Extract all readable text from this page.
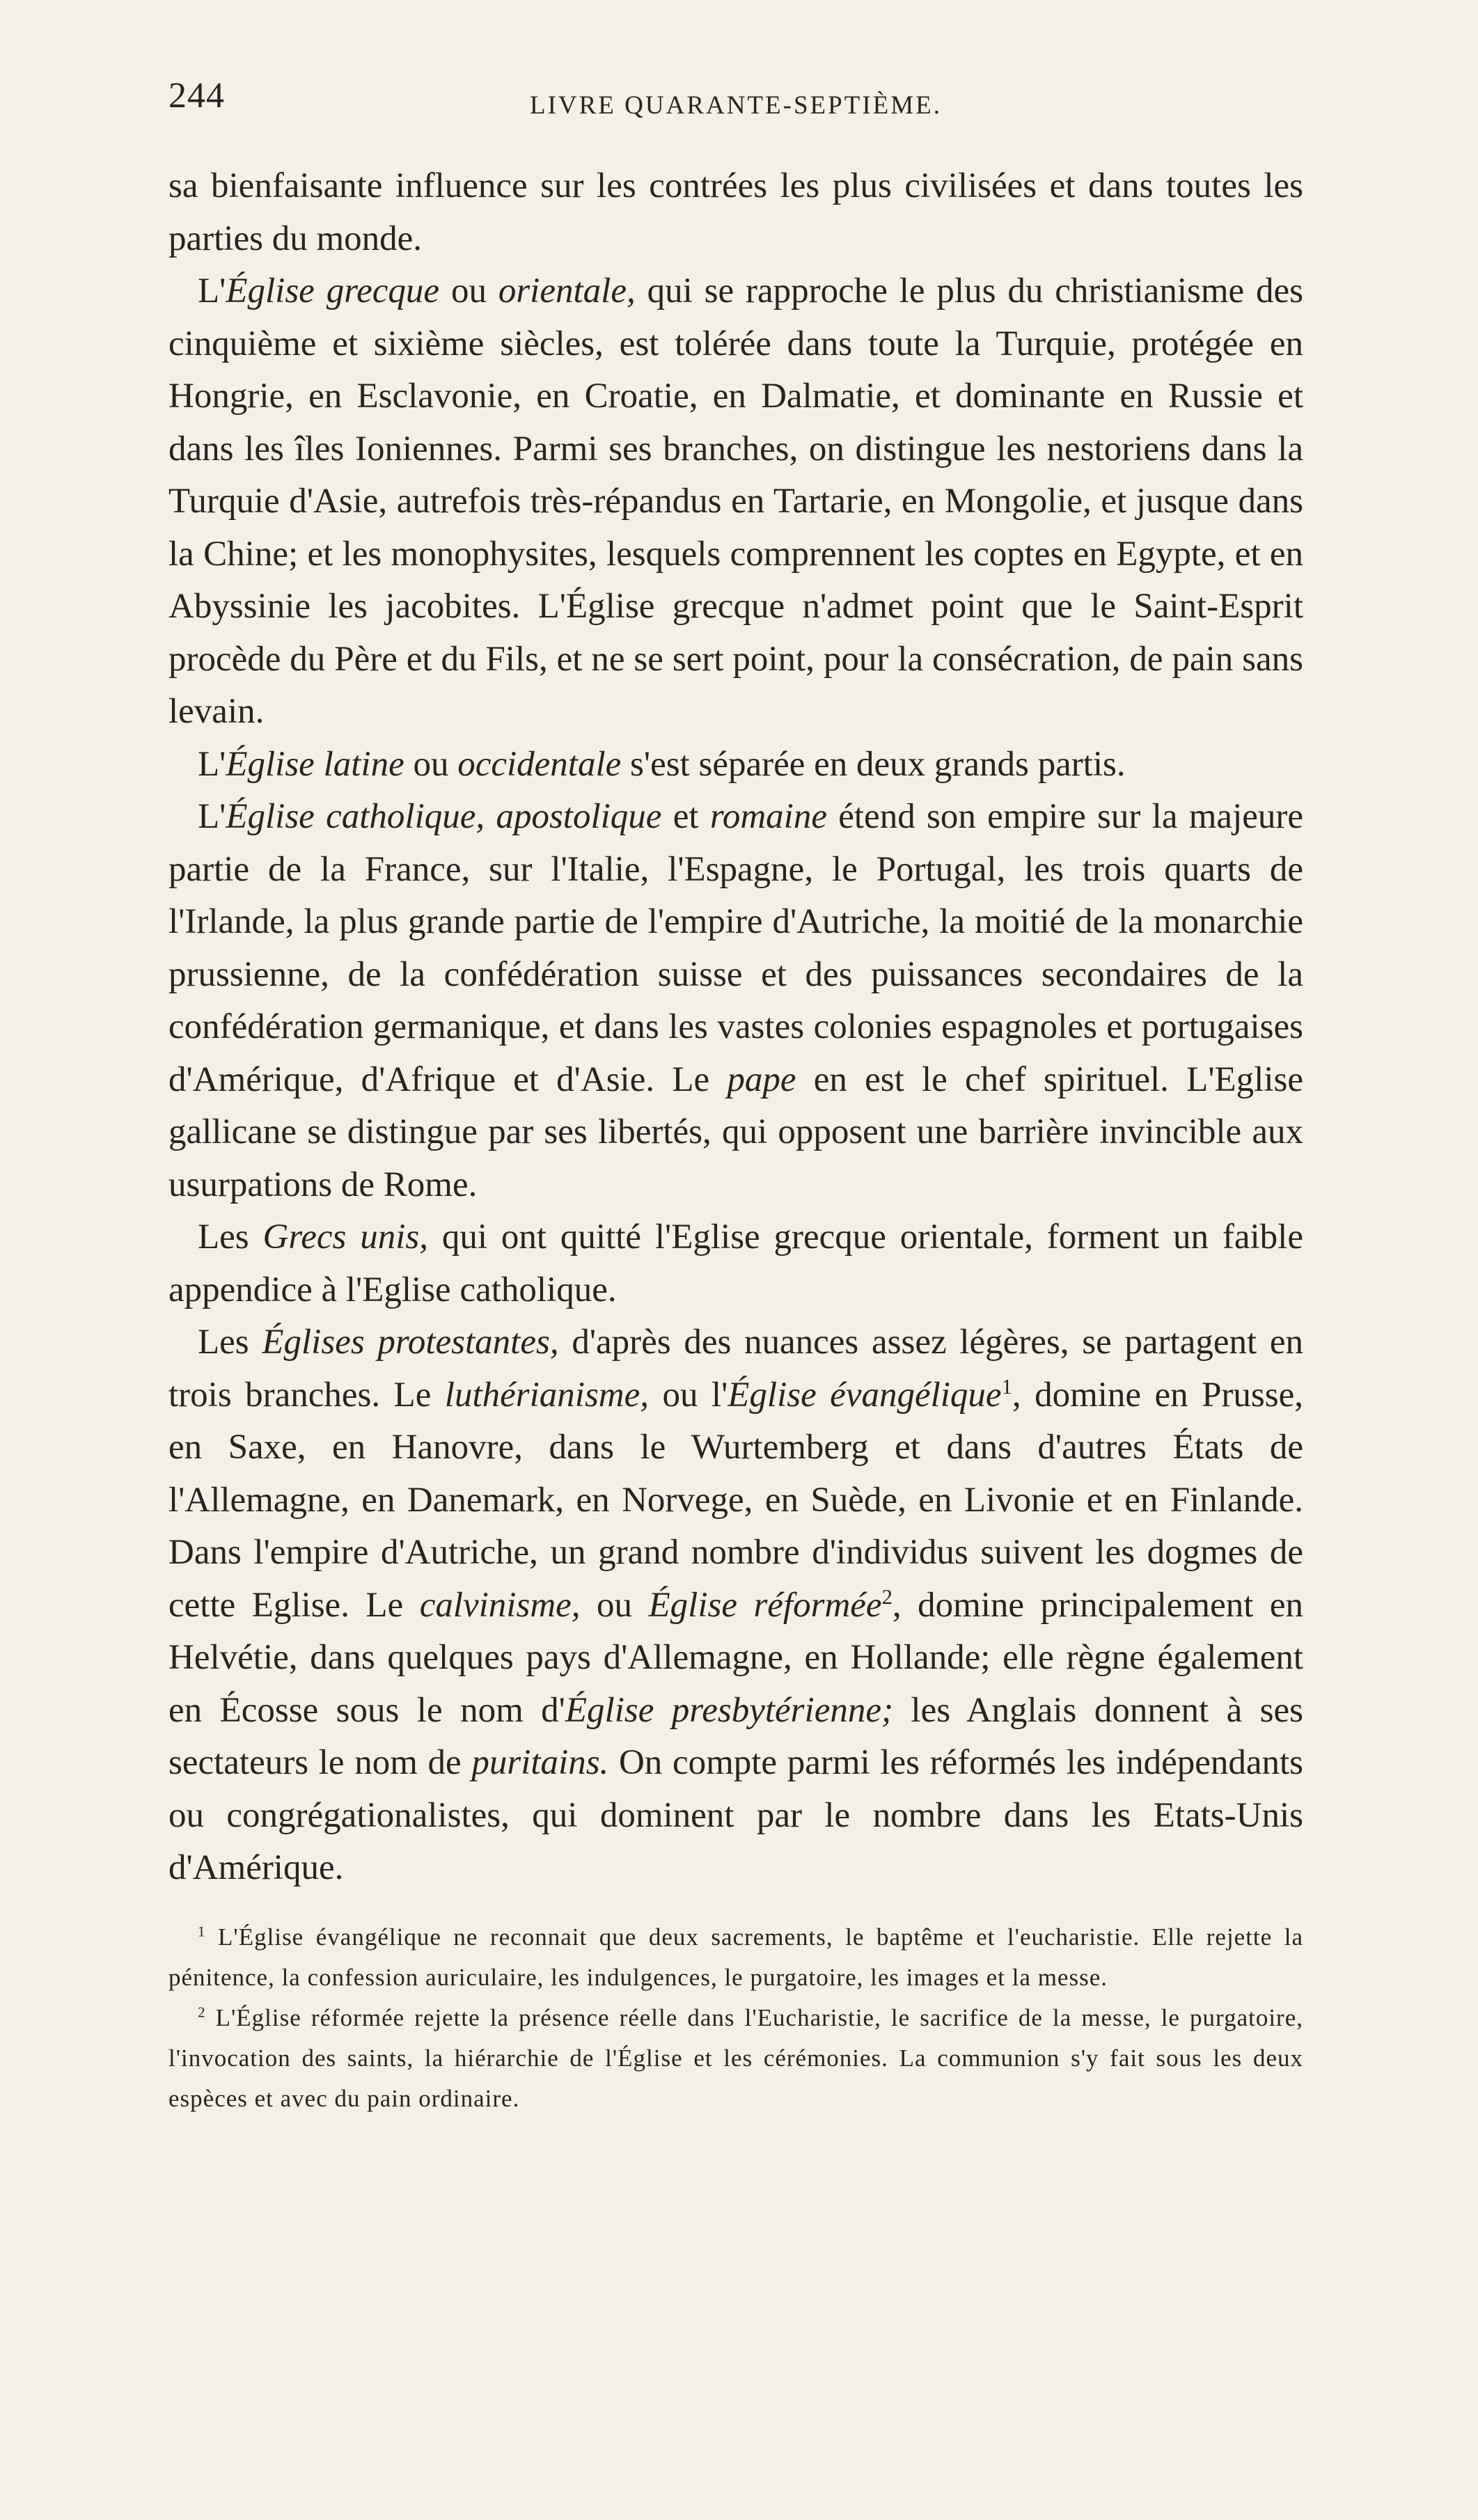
244	LIVRE QUARANTE-SEPTIÈME.

sa bienfaisante influence sur les contrées les plus civilisées et dans toutes les parties du monde.

L'Église grecque ou orientale, qui se rapproche le plus du christianisme des cinquième et sixième siècles, est tolérée dans toute la Turquie, protégée en Hongrie, en Esclavonie, en Croatie, en Dalmatie, et dominante en Russie et dans les îles Ioniennes. Parmi ses branches, on distingue les nestoriens dans la Turquie d'Asie, autrefois très-répandus en Tartarie, en Mongolie, et jusque dans la Chine; et les monophysites, lesquels comprennent les coptes en Egypte, et en Abyssinie les jacobites. L'Église grecque n'admet point que le Saint-Esprit procède du Père et du Fils, et ne se sert point, pour la consécration, de pain sans levain.

L'Église latine ou occidentale s'est séparée en deux grands partis.

L'Église catholique, apostolique et romaine étend son empire sur la majeure partie de la France, sur l'Italie, l'Espagne, le Portugal, les trois quarts de l'Irlande, la plus grande partie de l'empire d'Autriche, la moitié de la monarchie prussienne, de la confédération suisse et des puissances secondaires de la confédération germanique, et dans les vastes colonies espagnoles et portugaises d'Amérique, d'Afrique et d'Asie. Le pape en est le chef spirituel. L'Eglise gallicane se distingue par ses libertés, qui opposent une barrière invincible aux usurpations de Rome.

Les Grecs unis, qui ont quitté l'Eglise grecque orientale, forment un faible appendice à l'Eglise catholique.

Les Églises protestantes, d'après des nuances assez légères, se partagent en trois branches. Le luthérianisme, ou l'Église évangélique$^1$, domine en Prusse, en Saxe, en Hanovre, dans le Wurtemberg et dans d'autres États de l'Allemagne, en Danemark, en Norvege, en Suède, en Livonie et en Finlande. Dans l'empire d'Autriche, un grand nombre d'individus suivent les dogmes de cette Eglise. Le calvinisme, ou Église réformée$^2$, domine principalement en Helvétie, dans quelques pays d'Allemagne, en Hollande; elle règne également en Écosse sous le nom d'Église presbytérienne; les Anglais donnent à ses sectateurs le nom de puritains. On compte parmi les réformés les indépendants ou congrégationalistes, qui dominent par le nombre dans les Etats-Unis d'Amérique.

$^1$ L'Église évangélique ne reconnait que deux sacrements, le baptême et l'eucharistie. Elle rejette la pénitence, la confession auriculaire, les indulgences, le purgatoire, les images et la messe.

$^2$ L'Église réformée rejette la présence réelle dans l'Eucharistie, le sacrifice de la messe, le purgatoire, l'invocation des saints, la hiérarchie de l'Église et les cérémonies. La communion s'y fait sous les deux espèces et avec du pain ordinaire.
